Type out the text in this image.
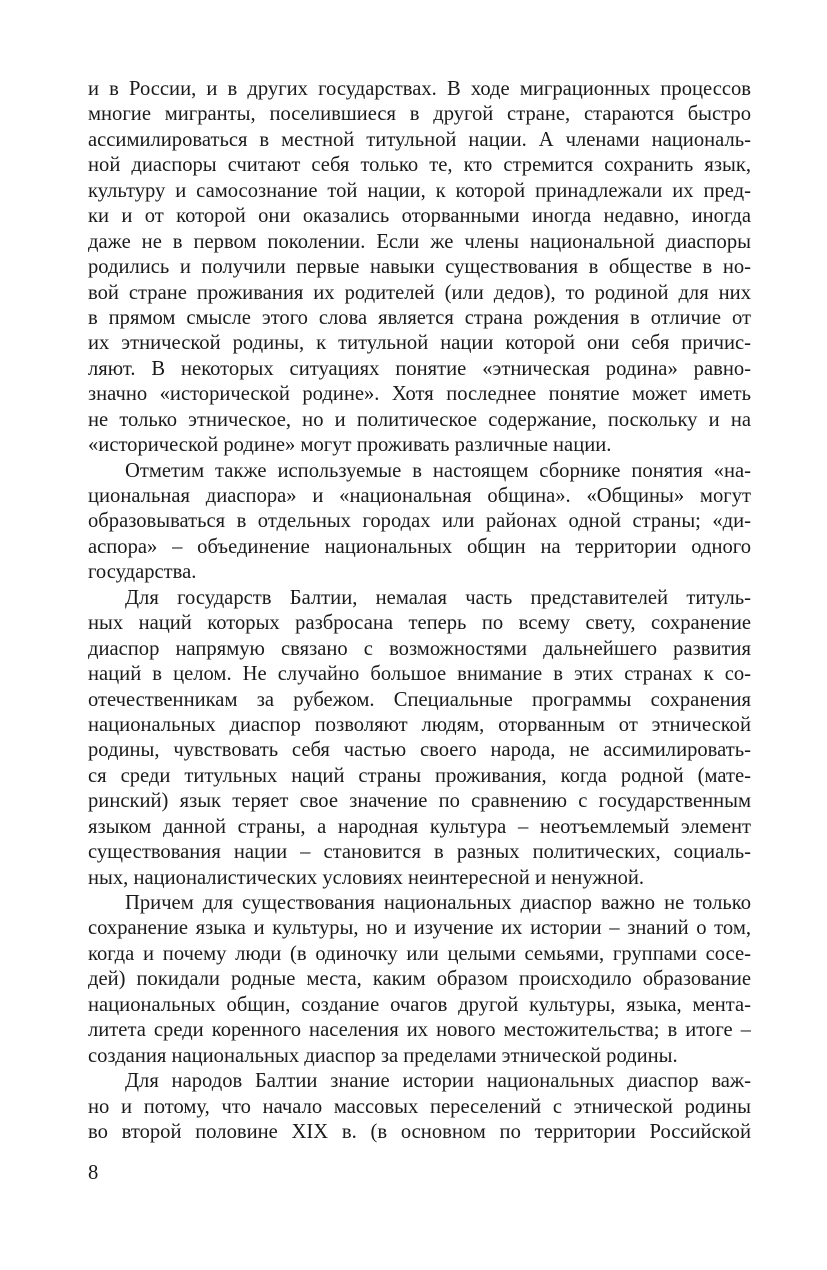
и в России, и в других государствах. В ходе миграционных процессов
многие мигранты, поселившиеся в другой стране, стараются быстро
ассимилироваться в местной титульной нации. А членами националь-
ной диаспоры считают себя только те, кто стремится сохранить язык,
культуру и самосознание той нации, к которой принадлежали их пред-
ки и от которой они оказались оторванными иногда недавно, иногда
даже не в первом поколении. Если же члены национальной диаспоры
родились и получили первые навыки существования в обществе в но-
вой стране проживания их родителей (или дедов), то родиной для них
в прямом смысле этого слова является страна рождения в отличие от
их этнической родины, к титульной нации которой они себя причис-
ляют. В некоторых ситуациях понятие «этническая родина» равно-
значно «исторической родине». Хотя последнее понятие может иметь
не только этническое, но и политическое содержание, поскольку и на
«исторической родине» могут проживать различные нации.
Отметим также используемые в настоящем сборнике понятия «на-
циональная диаспора» и «национальная община». «Общины» могут
образовываться в отдельных городах или районах одной страны; «ди-
аспора» – объединение национальных общин на территории одного
государства.
Для государств Балтии, немалая часть представителей титуль-
ных наций которых разбросана теперь по всему свету, сохранение
диаспор напрямую связано с возможностями дальнейшего развития
наций в целом. Не случайно большое внимание в этих странах к со-
отечественникам за рубежом. Специальные программы сохранения
национальных диаспор позволяют людям, оторванным от этнической
родины, чувствовать себя частью своего народа, не ассимилировать-
ся среди титульных наций страны проживания, когда родной (мате-
ринский) язык теряет свое значение по сравнению с государственным
языком данной страны, а народная культура – неотъемлемый элемент
существования нации – становится в разных политических, социаль-
ных, националистических условиях неинтересной и ненужной.
Причем для существования национальных диаспор важно не только
сохранение языка и культуры, но и изучение их истории – знаний о том,
когда и почему люди (в одиночку или целыми семьями, группами сосе-
дей) покидали родные места, каким образом происходило образование
национальных общин, создание очагов другой культуры, языка, мента-
литета среди коренного населения их нового местожительства; в итоге –
создания национальных диаспор за пределами этнической родины.
Для народов Балтии знание истории национальных диаспор важ-
но и потому, что начало массовых переселений с этнической родины
во второй половине XIX в. (в основном по территории Российской
8
